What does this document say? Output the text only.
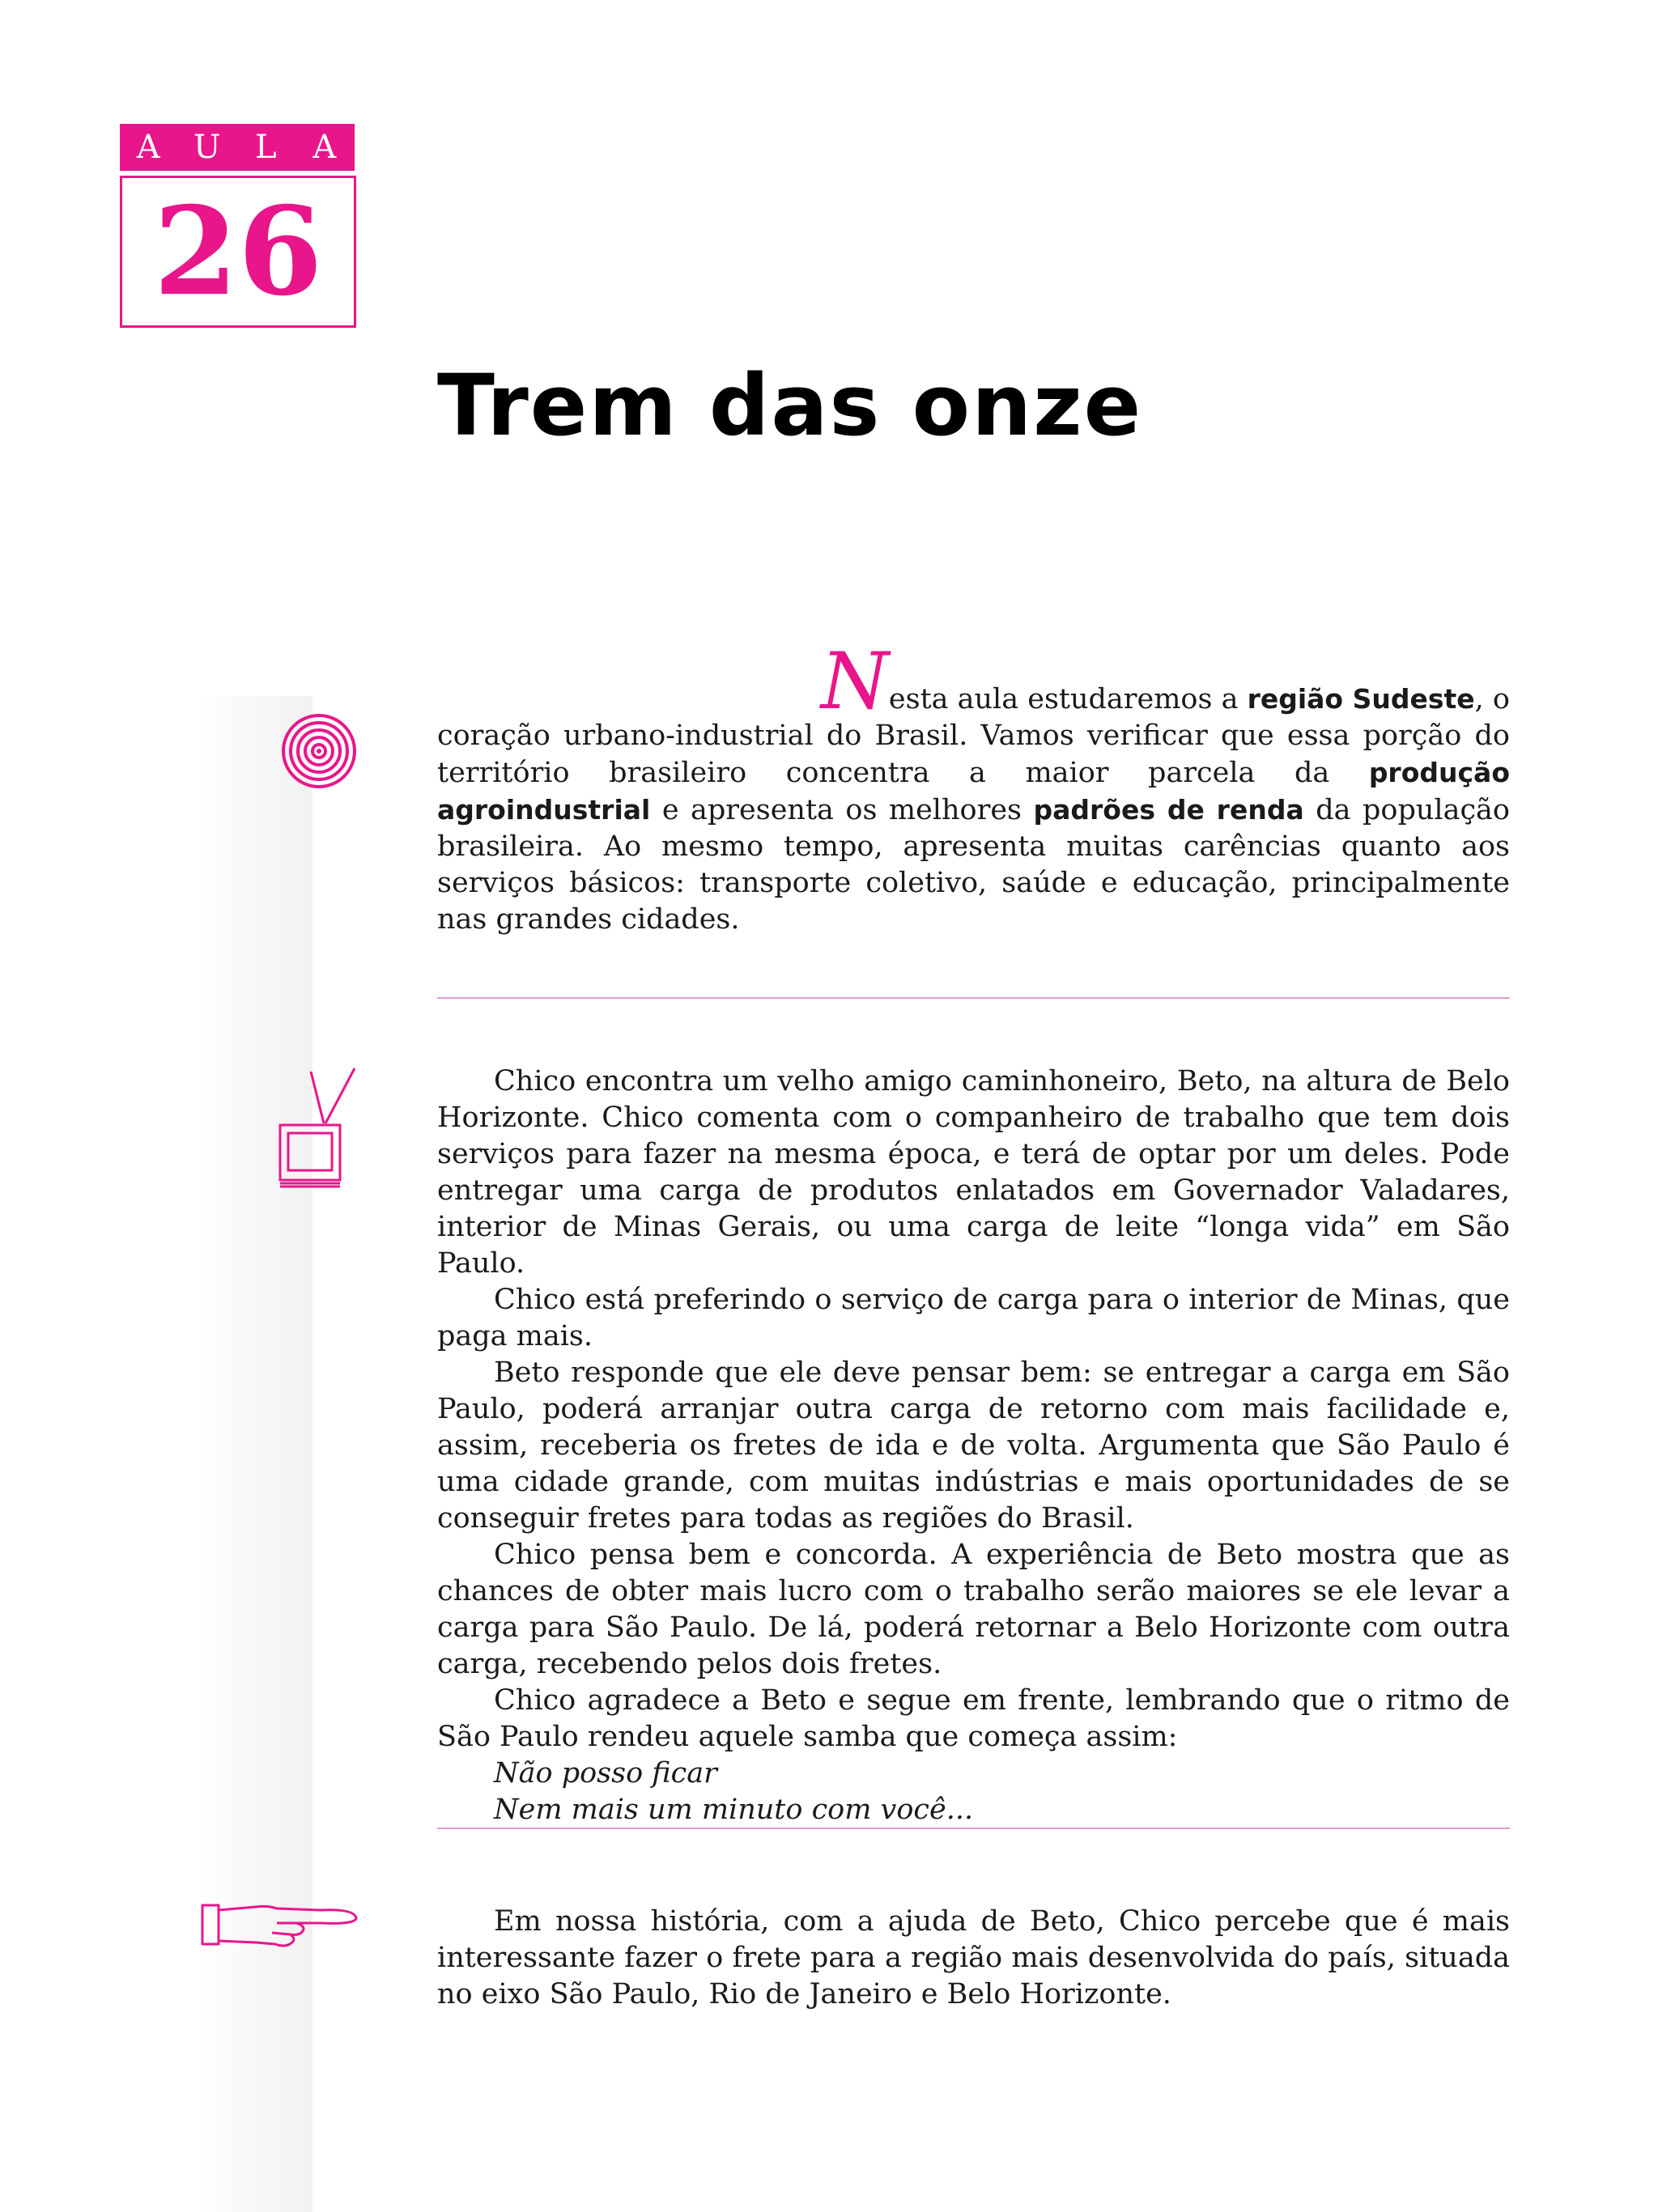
A U L A
26
Trem das onze

Nesta aula estudaremos a região Sudeste, o

coração urbano-industrial do Brasil. Vamos verificar que essa porção do território brasileiro concentra a maior parcela da produção agroindustrial e apresenta os melhores padrões de renda da população brasileira. Ao mesmo tempo, apresenta muitas carências quanto aos serviços básicos: transporte coletivo, saúde e educação, principalmente nas grandes cidades.

Chico encontra um velho amigo caminhoneiro, Beto, na altura de Belo Horizonte. Chico comenta com o companheiro de trabalho que tem dois serviços para fazer na mesma época, e terá de optar por um deles. Pode entregar uma carga de produtos enlatados em Governador Valadares, interior de Minas Gerais, ou uma carga de leite “longa vida” em São Paulo.

Chico está preferindo o serviço de carga para o interior de Minas, que paga mais.

Beto responde que ele deve pensar bem: se entregar a carga em São Paulo, poderá arranjar outra carga de retorno com mais facilidade e, assim, receberia os fretes de ida e de volta. Argumenta que São Paulo é uma cidade grande, com muitas indústrias e mais oportunidades de se conseguir fretes para todas as regiões do Brasil.

Chico pensa bem e concorda. A experiência de Beto mostra que as chances de obter mais lucro com o trabalho serão maiores se ele levar a carga para São Paulo. De lá, poderá retornar a Belo Horizonte com outra carga, recebendo pelos dois fretes.

Chico agradece a Beto e segue em frente, lembrando que o ritmo de São Paulo rendeu aquele samba que começa assim:

Não posso ficar

Nem mais um minuto com você...

Em nossa história, com a ajuda de Beto, Chico percebe que é mais interessante fazer o frete para a região mais desenvolvida do país, situada no eixo São Paulo, Rio de Janeiro e Belo Horizonte.
